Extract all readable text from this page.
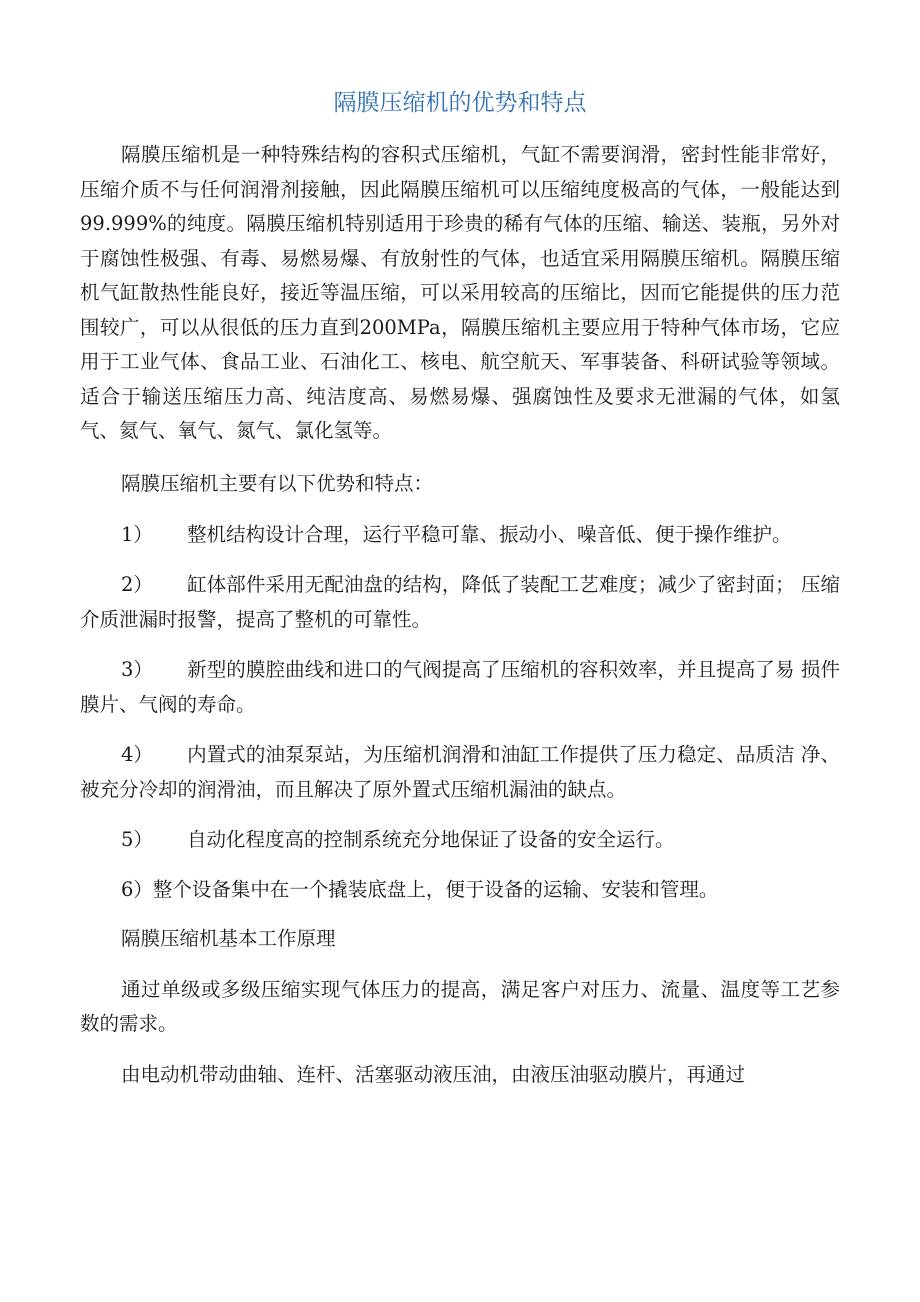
隔膜压缩机的优势和特点

隔膜压缩机是一种特殊结构的容积式压缩机，气缸不需要润滑，密封性能非常好，压缩介质不与任何润滑剂接触，因此隔膜压缩机可以压缩纯度极高的气体，一般能达到 99.999%的纯度。隔膜压缩机特别适用于珍贵的稀有气体的压缩、输送、装瓶，另外对于腐蚀性极强、有毒、易燃易爆、有放射性的气体，也适宜采用隔膜压缩机。隔膜压缩机气缸散热性能良好，接近等温压缩，可以采用较高的压缩比，因而它能提供的压力范围较广，可以从很低的压力直到200MPa，隔膜压缩机主要应用于特种气体市场，它应用于工业气体、食品工业、石油化工、核电、航空航天、军事装备、科研试验等领域。适合于输送压缩压力高、纯洁度高、易燃易爆、强腐蚀性及要求无泄漏的气体，如氢气、氦气、氧气、氮气、氯化氢等。

隔膜压缩机主要有以下优势和特点：

1） 整机结构设计合理，运行平稳可靠、振动小、噪音低、便于操作维护。

2） 缸体部件采用无配油盘的结构，降低了装配工艺难度；减少了密封面； 压缩介质泄漏时报警，提高了整机的可靠性。

3） 新型的膜腔曲线和进口的气阀提高了压缩机的容积效率，并且提高了易 损件膜片、气阀的寿命。

4） 内置式的油泵泵站，为压缩机润滑和油缸工作提供了压力稳定、品质洁 净、被充分冷却的润滑油，而且解决了原外置式压缩机漏油的缺点。

5） 自动化程度高的控制系统充分地保证了设备的安全运行。

6）整个设备集中在一个撬装底盘上，便于设备的运输、安装和管理。

隔膜压缩机基本工作原理

通过单级或多级压缩实现气体压力的提高，满足客户对压力、流量、温度等工艺参数的需求。

由电动机带动曲轴、连杆、活塞驱动液压油，由液压油驱动膜片，再通过
